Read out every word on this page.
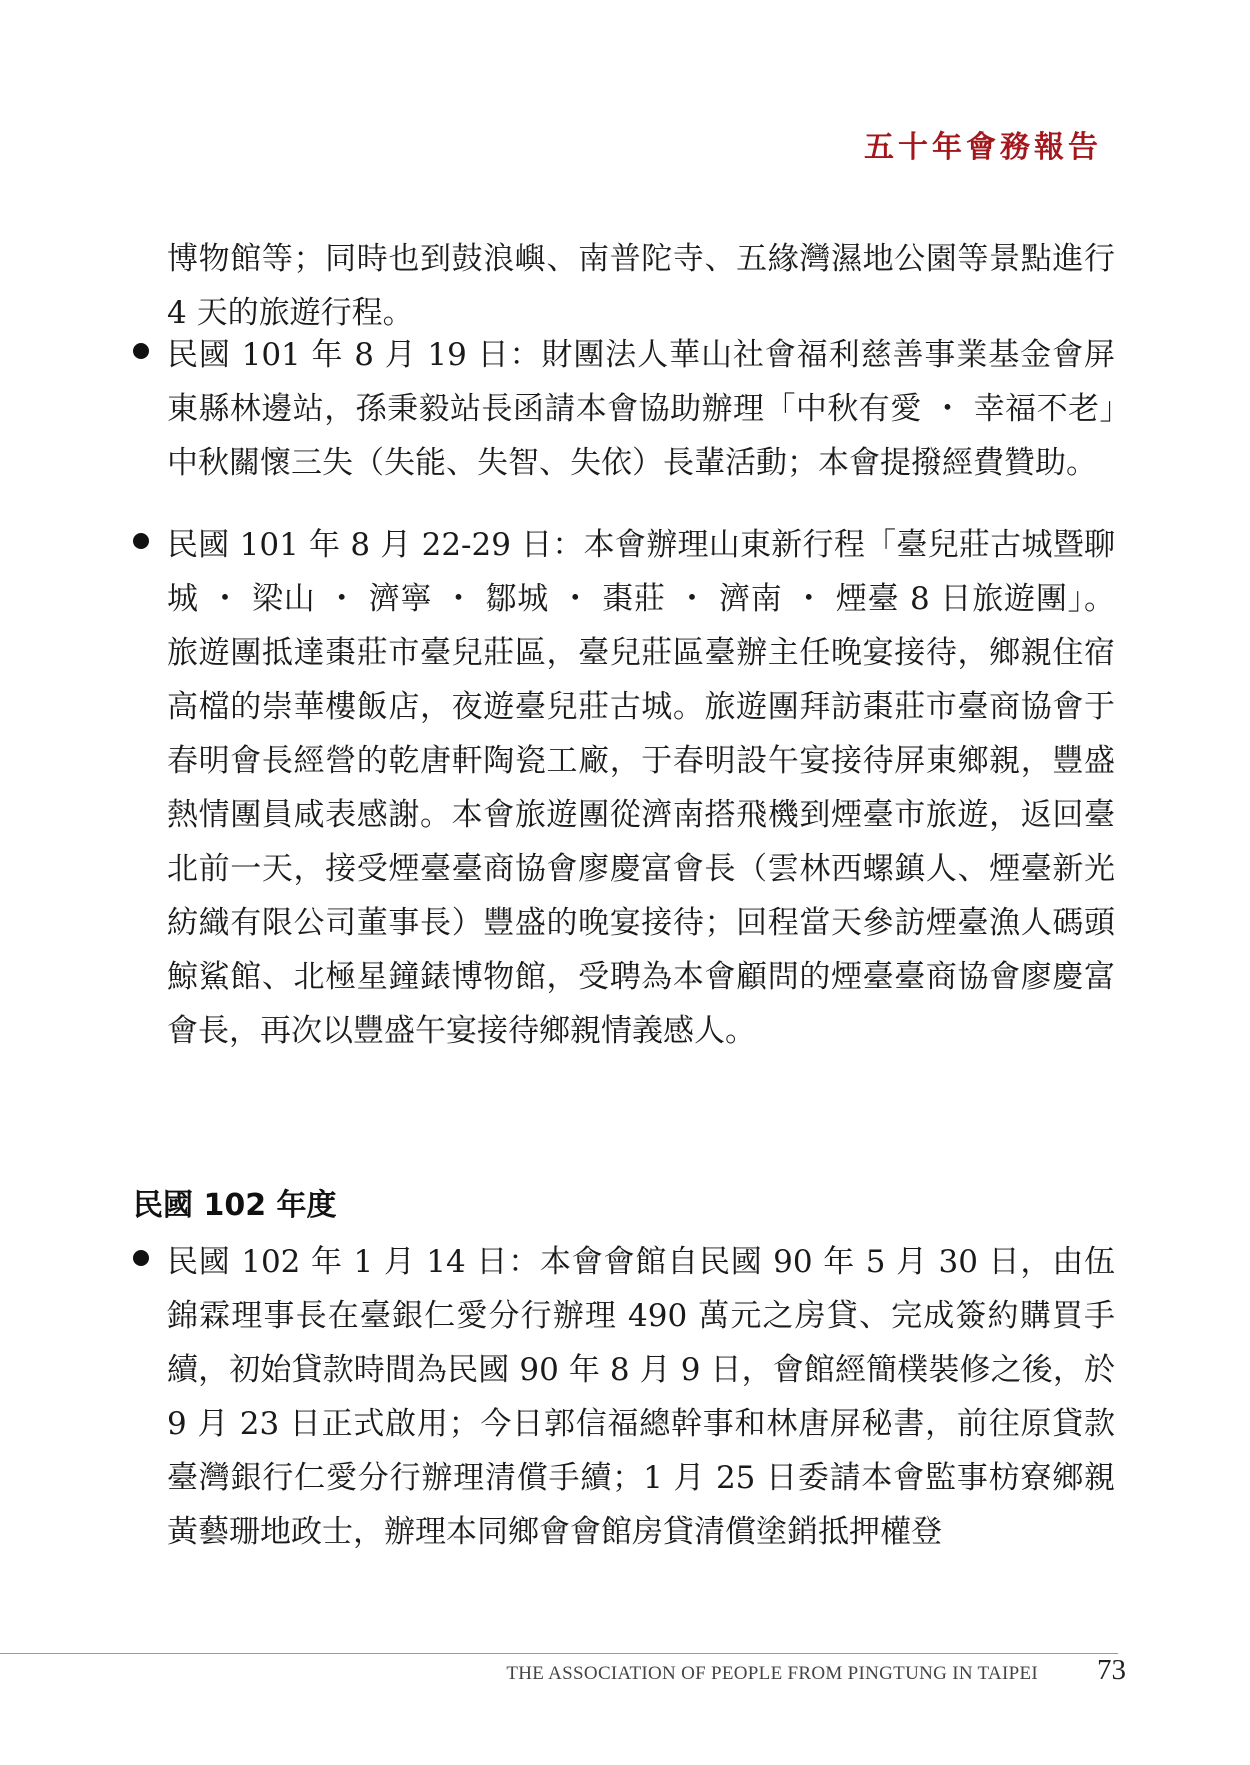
五十年會務報告
博物館等；同時也到鼓浪嶼、南普陀寺、五緣灣濕地公園等景點進行 4 天的旅遊行程。
民國 101 年 8 月 19 日：財團法人華山社會福利慈善事業基金會屏東縣林邊站，孫秉毅站長函請本會協助辦理「中秋有愛 ・ 幸福不老」中秋關懷三失（失能、失智、失依）長輩活動；本會提撥經費贊助。
民國 101 年 8 月 22-29 日：本會辦理山東新行程「臺兒莊古城暨聊城 ・ 梁山 ・ 濟寧 ・ 鄒城 ・ 棗莊 ・ 濟南 ・ 煙臺 8 日旅遊團」。旅遊團抵達棗莊市臺兒莊區，臺兒莊區臺辦主任晚宴接待，鄉親住宿高檔的崇華樓飯店，夜遊臺兒莊古城。旅遊團拜訪棗莊市臺商協會于春明會長經營的乾唐軒陶瓷工廠，于春明設午宴接待屏東鄉親，豐盛熱情團員咸表感謝。本會旅遊團從濟南搭飛機到煙臺市旅遊，返回臺北前一天，接受煙臺臺商協會廖慶富會長（雲林西螺鎮人、煙臺新光紡織有限公司董事長）豐盛的晚宴接待；回程當天參訪煙臺漁人碼頭鯨鯊館、北極星鐘錶博物館，受聘為本會顧問的煙臺臺商協會廖慶富會長，再次以豐盛午宴接待鄉親情義感人。
民國 102 年度
民國 102 年 1 月 14 日：本會會館自民國 90 年 5 月 30 日，由伍錦霖理事長在臺銀仁愛分行辦理 490 萬元之房貸、完成簽約購買手續，初始貸款時間為民國 90 年 8 月 9 日，會館經簡樸裝修之後，於 9 月 23 日正式啟用；今日郭信福總幹事和林唐屏秘書，前往原貸款臺灣銀行仁愛分行辦理清償手續；1 月 25 日委請本會監事枋寮鄉親黃藝珊地政士，辦理本同鄉會會館房貸清償塗銷抵押權登
THE ASSOCIATION OF PEOPLE FROM PINGTUNG IN TAIPEI 73
